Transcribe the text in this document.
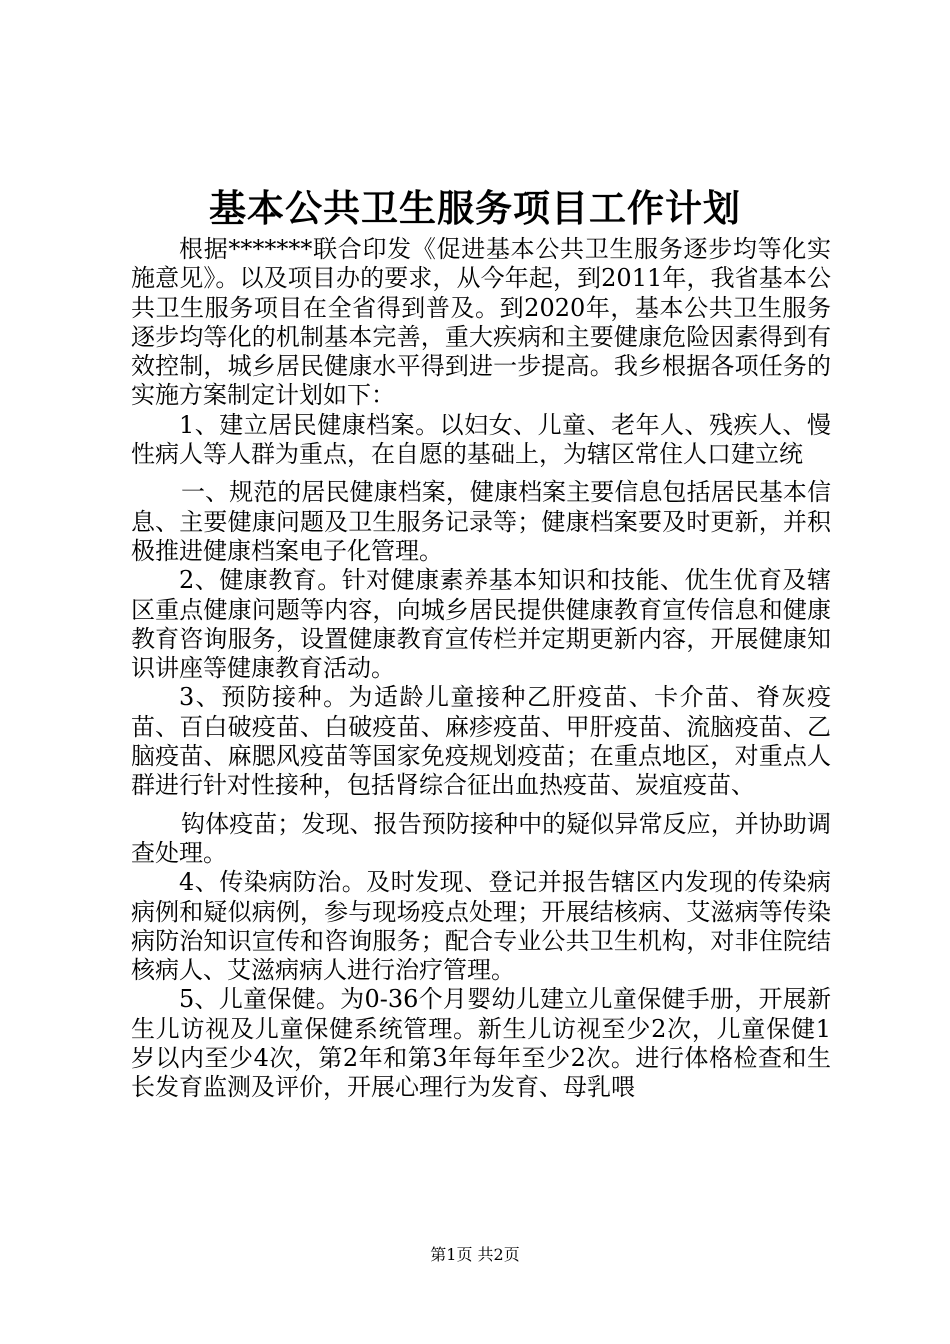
基本公共卫生服务项目工作计划

根据*******联合印发《促进基本公共卫生服务逐步均等化实施意见》。以及项目办的要求，从今年起，到2011年，我省基本公共卫生服务项目在全省得到普及。到2020年，基本公共卫生服务逐步均等化的机制基本完善，重大疾病和主要健康危险因素得到有效控制，城乡居民健康水平得到进一步提高。我乡根据各项任务的实施方案制定计划如下：

1、建立居民健康档案。以妇女、儿童、老年人、残疾人、慢性病人等人群为重点，在自愿的基础上，为辖区常住人口建立统

一、规范的居民健康档案，健康档案主要信息包括居民基本信息、主要健康问题及卫生服务记录等；健康档案要及时更新，并积极推进健康档案电子化管理。

2、健康教育。针对健康素养基本知识和技能、优生优育及辖区重点健康问题等内容，向城乡居民提供健康教育宣传信息和健康教育咨询服务，设置健康教育宣传栏并定期更新内容，开展健康知识讲座等健康教育活动。

3、预防接种。为适龄儿童接种乙肝疫苗、卡介苗、脊灰疫苗、百白破疫苗、白破疫苗、麻疹疫苗、甲肝疫苗、流脑疫苗、乙脑疫苗、麻腮风疫苗等国家免疫规划疫苗；在重点地区，对重点人群进行针对性接种，包括肾综合征出血热疫苗、炭疽疫苗、

钩体疫苗；发现、报告预防接种中的疑似异常反应，并协助调查处理。

4、传染病防治。及时发现、登记并报告辖区内发现的传染病病例和疑似病例，参与现场疫点处理；开展结核病、艾滋病等传染病防治知识宣传和咨询服务；配合专业公共卫生机构，对非住院结核病人、艾滋病病人进行治疗管理。

5、儿童保健。为0-36个月婴幼儿建立儿童保健手册，开展新生儿访视及儿童保健系统管理。新生儿访视至少2次，儿童保健1岁以内至少4次，第2年和第3年每年至少2次。进行体格检查和生长发育监测及评价，开展心理行为发育、母乳喂

第1页 共2页
